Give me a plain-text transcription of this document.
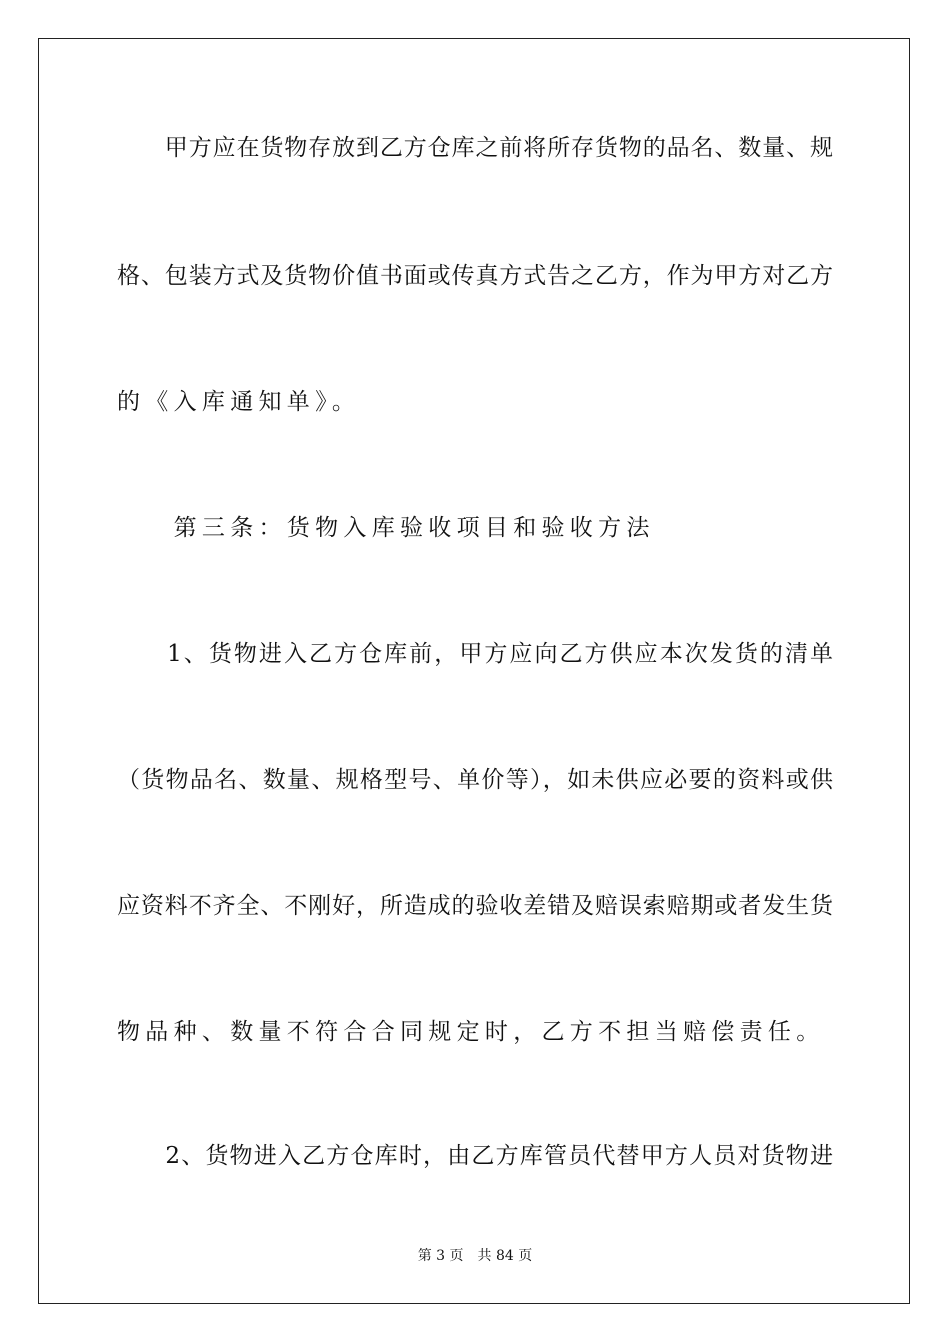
　　甲方应在货物存放到乙方仓库之前将所存货物的品名、数量、规
格、包装方式及货物价值书面或传真方式告之乙方，作为甲方对乙方
的《入库通知单》。
　　第三条：货物入库验收项目和验收方法
　　1、货物进入乙方仓库前，甲方应向乙方供应本次发货的清单
（货物品名、数量、规格型号、单价等），如未供应必要的资料或供
应资料不齐全、不刚好，所造成的验收差错及赔误索赔期或者发生货
物品种、数量不符合合同规定时，乙方不担当赔偿责任。
　　2、货物进入乙方仓库时，由乙方库管员代替甲方人员对货物进
第 3 页 共 84 页
